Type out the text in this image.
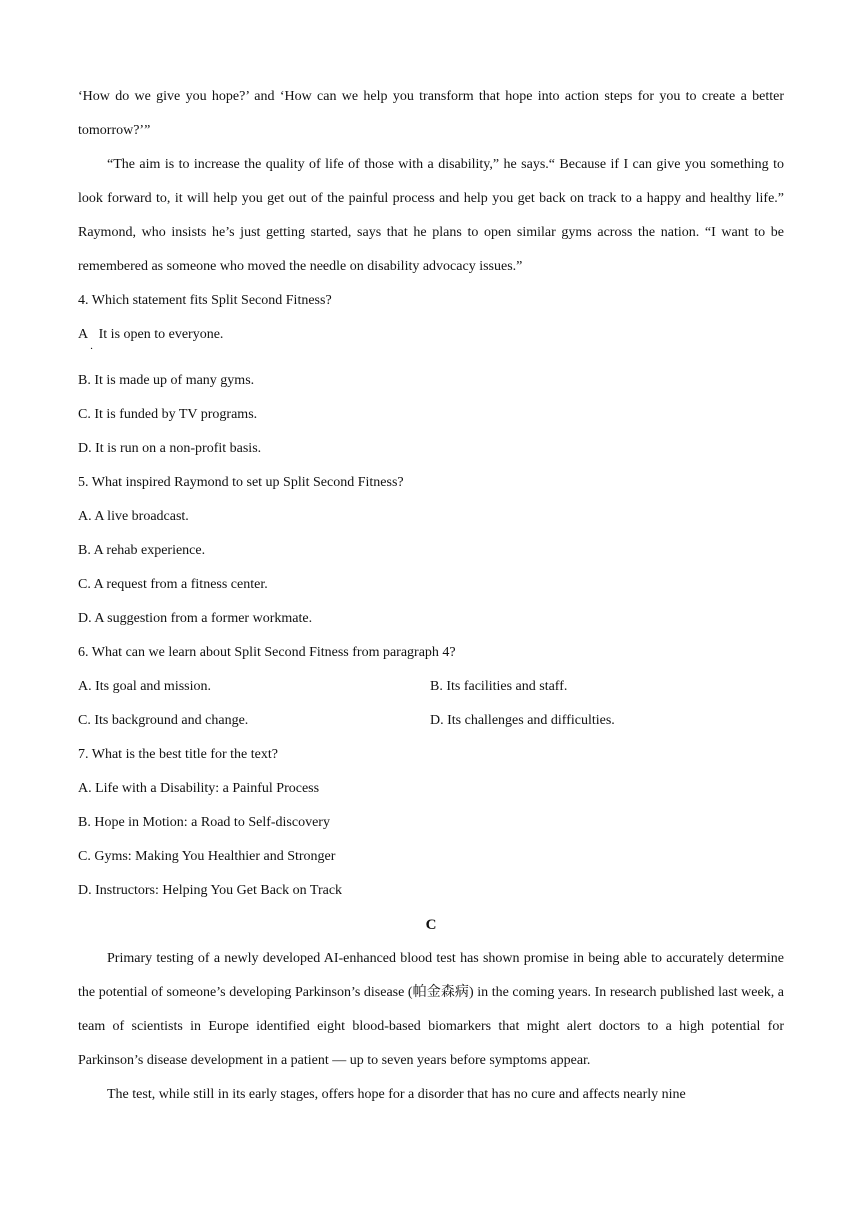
‘How do we give you hope?’ and ‘How can we help you transform that hope into action steps for you to create a better tomorrow?’”

“The aim is to increase the quality of life of those with a disability,” he says.“ Because if I can give you something to look forward to, it will help you get out of the painful process and help you get back on track to a happy and healthy life.” Raymond, who insists he’s just getting started, says that he plans to open similar gyms across the nation. “I want to be remembered as someone who moved the needle on disability advocacy issues.”

4. Which statement fits Split Second Fitness?
A It is open to everyone.
．
B. It is made up of many gyms.
C. It is funded by TV programs.
D. It is run on a non-profit basis.
5. What inspired Raymond to set up Split Second Fitness?
A. A live broadcast.
B. A rehab experience.
C. A request from a fitness center.
D. A suggestion from a former workmate.
6. What can we learn about Split Second Fitness from paragraph 4?
A. Its goal and mission.	B. Its facilities and staff.
C. Its background and change.	D. Its challenges and difficulties.
7. What is the best title for the text?
A. Life with a Disability: a Painful Process
B. Hope in Motion: a Road to Self-discovery
C. Gyms: Making You Healthier and Stronger
D. Instructors: Helping You Get Back on Track
C

Primary testing of a newly developed AI-enhanced blood test has shown promise in being able to accurately determine the potential of someone’s developing Parkinson’s disease (帕金森病) in the coming years. In research published last week, a team of scientists in Europe identified eight blood-based biomarkers that might alert doctors to a high potential for Parkinson’s disease development in a patient — up to seven years before symptoms appear.

The test, while still in its early stages, offers hope for a disorder that has no cure and affects nearly nine
